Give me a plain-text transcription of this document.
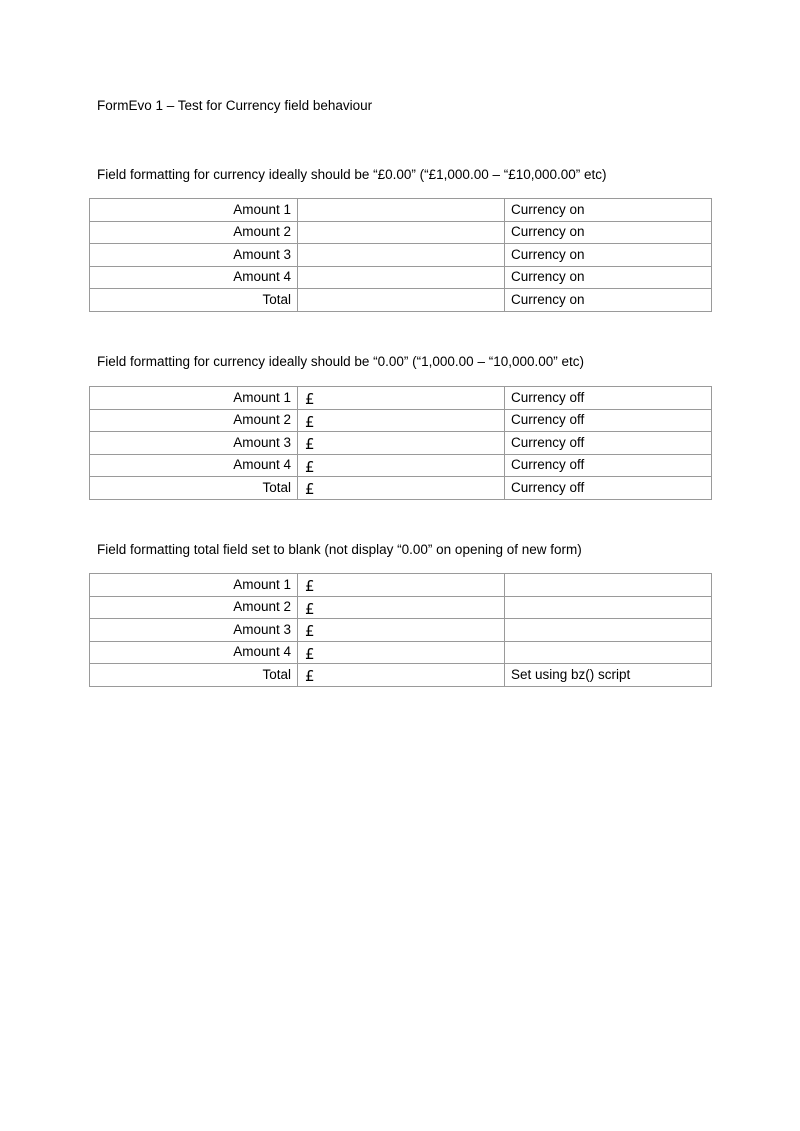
FormEvo 1 – Test for Currency field behaviour
Field formatting for currency ideally should be “£0.00” (“£1,000.00 – “£10,000.00” etc)
Amount 1		Currency on
Amount 2		Currency on
Amount 3		Currency on
Amount 4		Currency on
Total		Currency on
Field formatting for currency ideally should be “0.00” (“1,000.00 – “10,000.00” etc)
Amount 1	£	Currency off
Amount 2	£	Currency off
Amount 3	£	Currency off
Amount 4	£	Currency off
Total	£	Currency off
Field formatting total field set to blank (not display “0.00” on opening of new form)
Amount 1	£	
Amount 2	£	
Amount 3	£	
Amount 4	£	
Total	£	Set using bz() script
